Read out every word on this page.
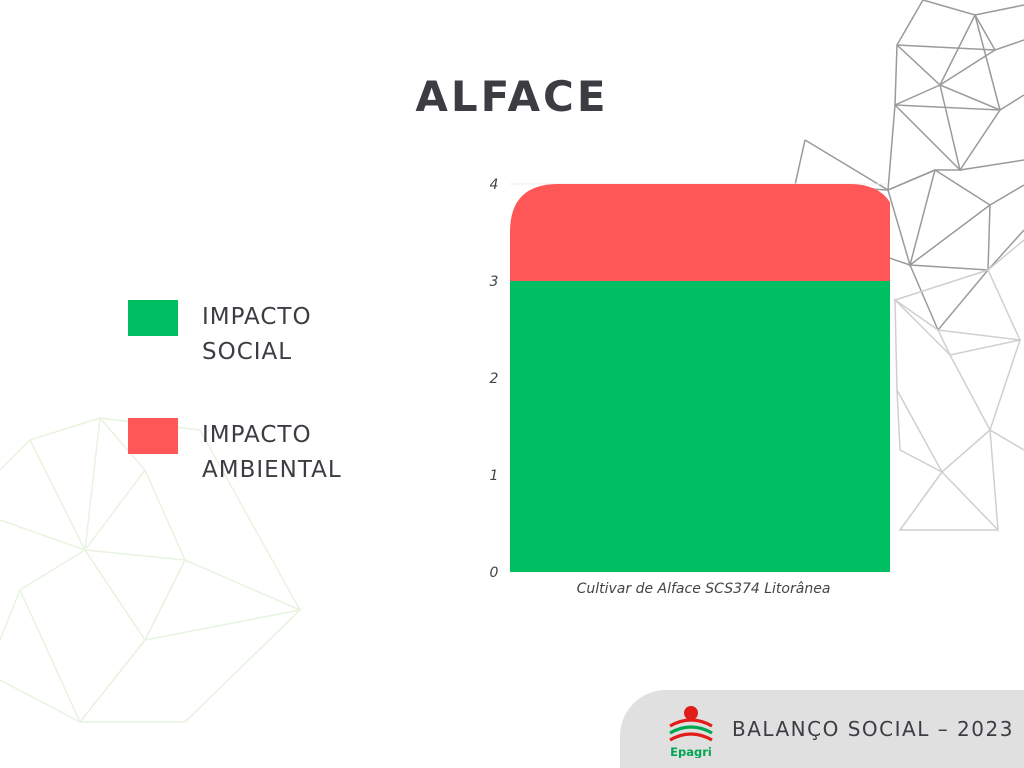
ALFACE
IMPACTO SOCIAL
IMPACTO AMBIENTAL
0
1
2
3
4
Cultivar de Alface SCS374 Litorânea
Epagri
BALANÇO SOCIAL – 2023
